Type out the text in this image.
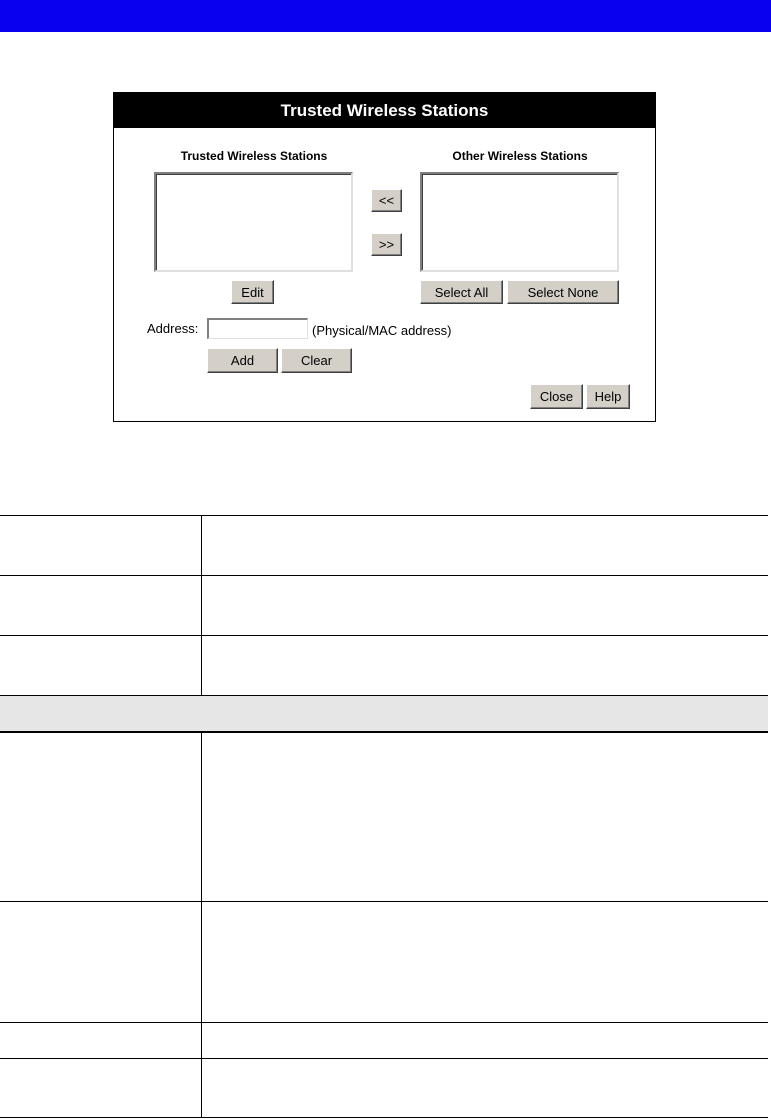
Trusted Wireless Stations
Trusted Wireless Stations	Other Wireless Stations
<<
>>
Edit	Select All	Select None
Address:	(Physical/MAC address)
Add	Clear
Close	Help
